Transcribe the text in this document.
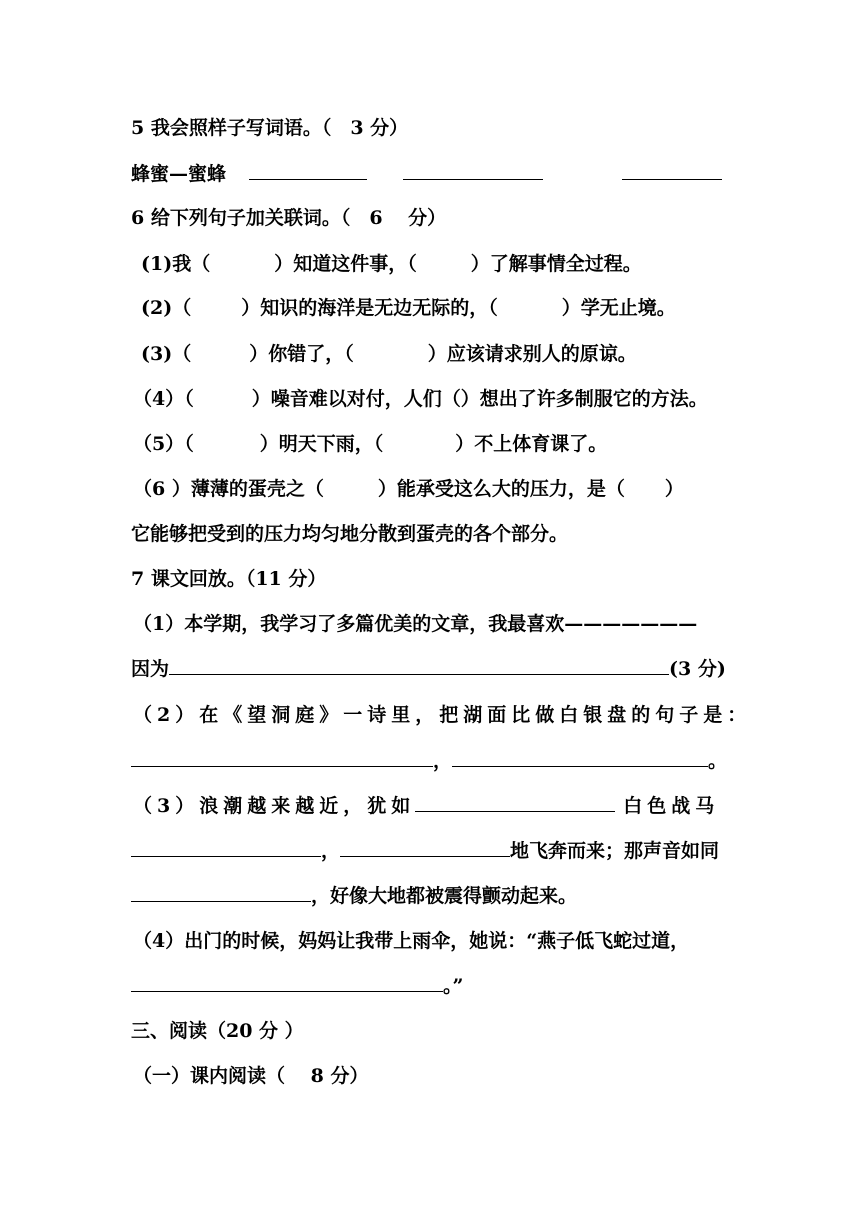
5 我会照样子写词语。（　3 分）
蜂蜜—蜜蜂
6 给下列句子加关联词。（　6　 分）
(1)我（	）知道这件事，（	）了解事情全过程。
(2)（	）知识的海洋是无边无际的，（	）学无止境。
(3)（	）你错了，（	）应该请求别人的原谅。
（4）（	）噪音难以对付，人们（）想出了许多制服它的方法。
（5）（	）明天下雨，（	）不上体育课了。
（6 ）薄薄的蛋壳之（	）能承受这么大的压力，是（ ）
它能够把受到的压力均匀地分散到蛋壳的各个部分。
7 课文回放。（11 分）
（1）本学期，我学习了多篇优美的文章，我最喜欢———————
因为	(3 分)
（2）在《望洞庭》一诗里，把湖面比做白银盘的句子是：
，	。
（3）浪潮越来越近，犹如	白色战马
，	地飞奔而来；那声音如同
，好像大地都被震得颤动起来。
（4）出门的时候，妈妈让我带上雨伞，她说：“燕子低飞蛇过道，
。”
三、阅读（20 分 ）
（一）课内阅读（　 8 分）
